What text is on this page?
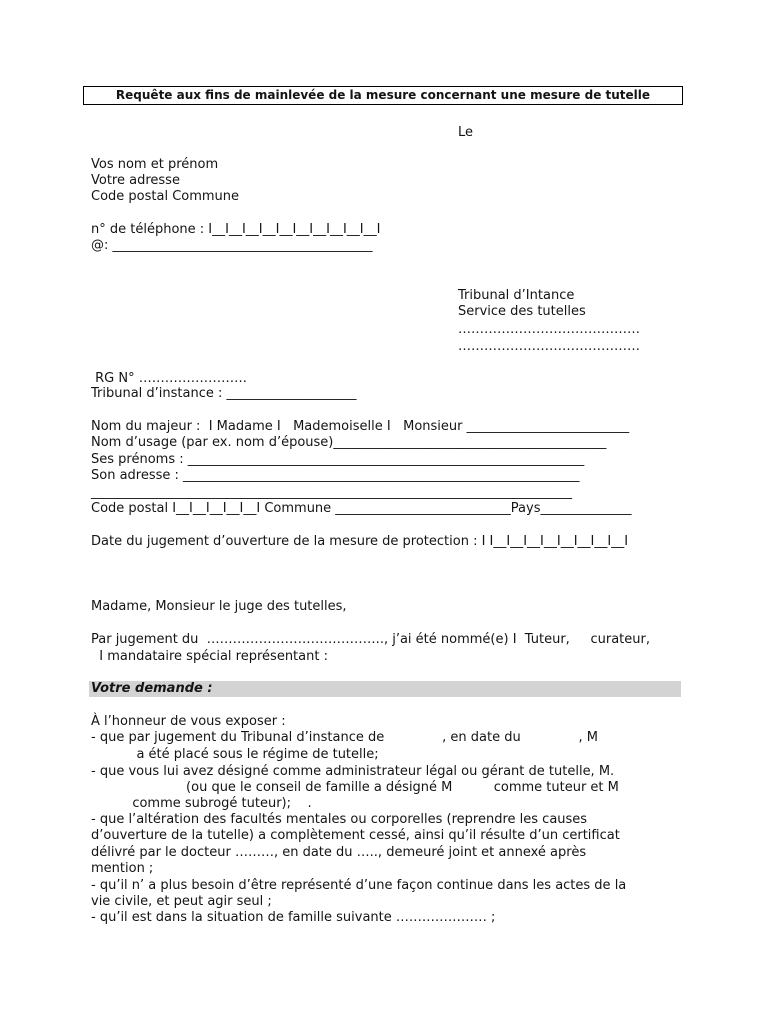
Requête aux fins de mainlevée de la mesure concernant une mesure de tutelle
Le
Vos nom et prénom
Votre adresse
Code postal Commune
n° de téléphone : I__I__I__I__I__I__I__I__I__I__I
@: ________________________________________
Tribunal d’Intance
Service des tutelles
……………………………………
……………………………………
RG N° …………………….
Tribunal d’instance : ____________________
Nom du majeur :  I Madame I   Mademoiselle I   Monsieur _________________________
Nom d’usage (par ex. nom d’épouse)__________________________________________
Ses prénoms : _____________________________________________________________
Son adresse : _____________________________________________________________
__________________________________________________________________________
Code postal I__I__I__I__I__I Commune ___________________________Pays______________
Date du jugement d’ouverture de la mesure de protection : I I__I__I__I__I__I__I__I__I
Madame, Monsieur le juge des tutelles,
Par jugement du  ………………………………….., j’ai été nommé(e) I  Tuteur,     curateur,
I mandataire spécial représentant :
Votre demande :
À l’honneur de vous exposer :
- que par jugement du Tribunal d’instance de              , en date du              , M
a été placé sous le régime de tutelle;
- que vous lui avez désigné comme administrateur légal ou gérant de tutelle, M.
(ou que le conseil de famille a désigné M          comme tuteur et M
comme subrogé tuteur);    .
- que l’altération des facultés mentales ou corporelles (reprendre les causes
d’ouverture de la tutelle) a complètement cessé, ainsi qu’il résulte d’un certificat
délivré par le docteur ………, en date du ….., demeuré joint et annexé après
mention ;
- qu’il n’ a plus besoin d’être représenté d’une façon continue dans les actes de la
vie civile, et peut agir seul ;
- qu’il est dans la situation de famille suivante ………………… ;
